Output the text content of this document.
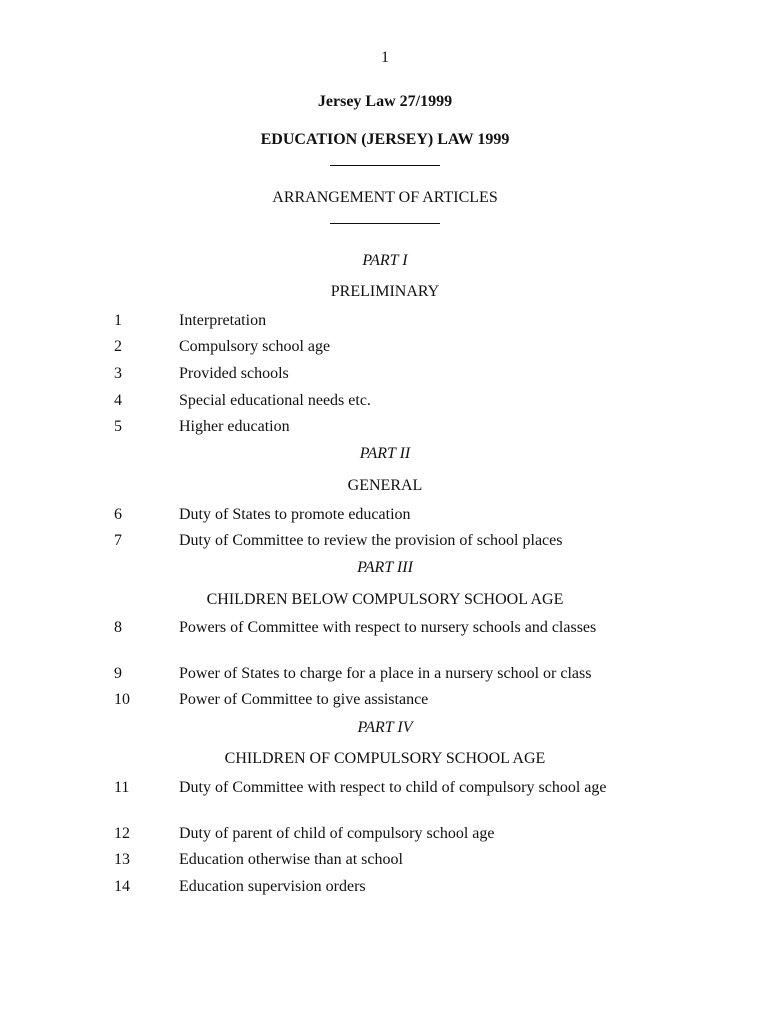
1
Jersey Law 27/1999
EDUCATION (JERSEY) LAW 1999
ARRANGEMENT OF ARTICLES
PART I
PRELIMINARY
1	Interpretation
2	Compulsory school age
3	Provided schools
4	Special educational needs etc.
5	Higher education
PART II
GENERAL
6	Duty of States to promote education
7	Duty of Committee to review the provision of school places
PART III
CHILDREN BELOW COMPULSORY SCHOOL AGE
8	Powers of Committee with respect to nursery schools and classes
9	Power of States to charge for a place in a nursery school or class
10	Power of Committee to give assistance
PART IV
CHILDREN OF COMPULSORY SCHOOL AGE
11	Duty of Committee with respect to child of compulsory school age
12	Duty of parent of child of compulsory school age
13	Education otherwise than at school
14	Education supervision orders
